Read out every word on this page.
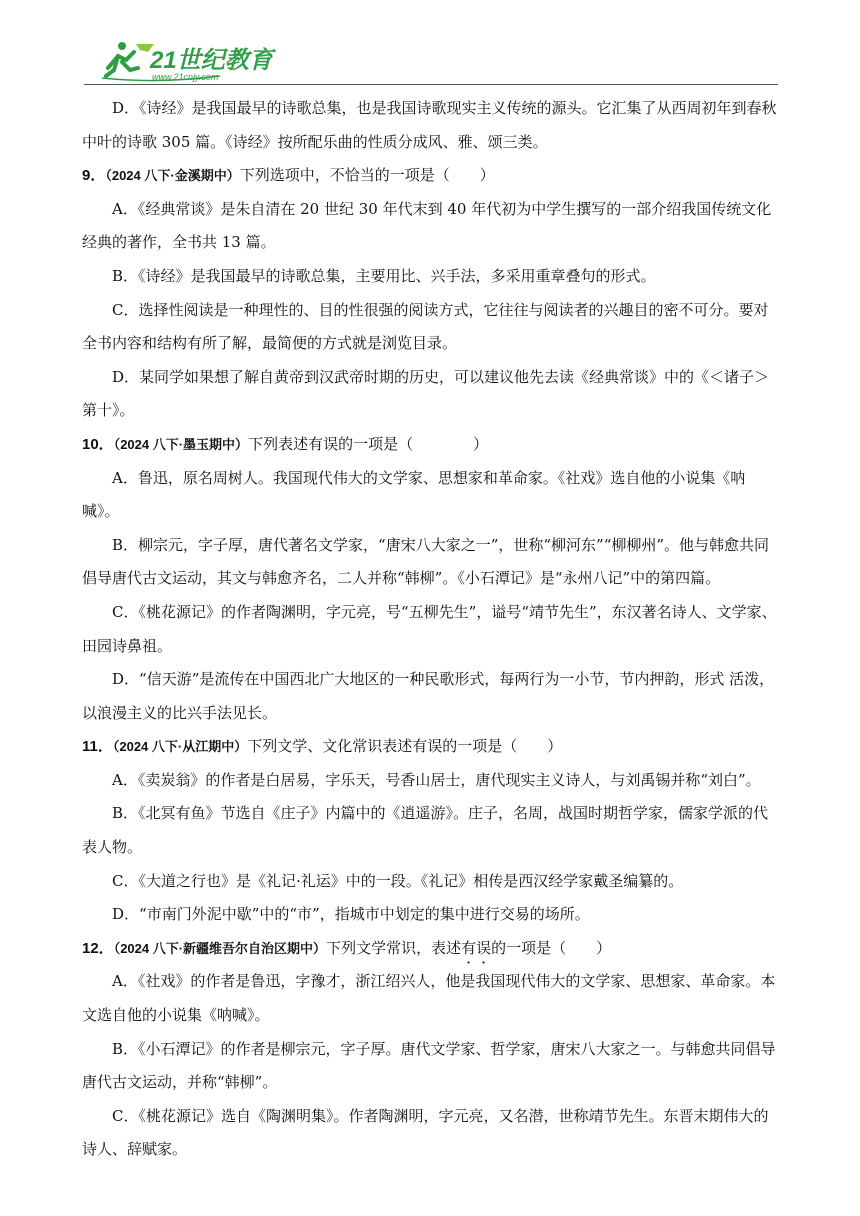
21世纪教育
www.21cnjy.com

D．《诗经》是我国最早的诗歌总集，也是我国诗歌现实主义传统的源头。它汇集了从西周初年到春秋中叶的诗歌 305 篇。《诗经》按所配乐曲的性质分成风、雅、颂三类。

9．（2024 八下·金溪期中）下列选项中，不恰当的一项是（　　）

A．《经典常谈》是朱自清在 20 世纪 30 年代末到 40 年代初为中学生撰写的一部介绍我国传统文化经典的著作，全书共 13 篇。

B．《诗经》是我国最早的诗歌总集，主要用比、兴手法，多采用重章叠句的形式。

C．选择性阅读是一种理性的、目的性很强的阅读方式，它往往与阅读者的兴趣目的密不可分。要对全书内容和结构有所了解，最简便的方式就是浏览目录。

D．某同学如果想了解自黄帝到汉武帝时期的历史，可以建议他先去读《经典常谈》中的《＜诸子＞第十》。

10．（2024 八下·墨玉期中）下列表述有误的一项是（　　　　）

A．鲁迅，原名周树人。我国现代伟大的文学家、思想家和革命家。《社戏》选自他的小说集《呐　喊》。

B．柳宗元，字子厚，唐代著名文学家，“唐宋八大家之一”，世称“柳河东”“柳柳州”。他与韩愈共同倡导唐代古文运动，其文与韩愈齐名，二人并称“韩柳”。《小石潭记》是“永州八记”中的第四篇。

C．《桃花源记》的作者陶渊明，字元亮，号“五柳先生”，谥号“靖节先生”，东汉著名诗人、文学家、田园诗鼻祖。

D．“信天游”是流传在中国西北广大地区的一种民歌形式，每两行为一小节，节内押韵，形式 活泼，以浪漫主义的比兴手法见长。

11．（2024 八下·从江期中）下列文学、文化常识表述有误的一项是（　　）

A．《卖炭翁》的作者是白居易，字乐天，号香山居士，唐代现实主义诗人，与刘禹锡并称“刘白”。

B．《北冥有鱼》节选自《庄子》内篇中的《逍遥游》。庄子，名周，战国时期哲学家，儒家学派的代表人物。

C．《大道之行也》是《礼记·礼运》中的一段。《礼记》相传是西汉经学家戴圣编纂的。

D．“市南门外泥中歇”中的“市”，指城市中划定的集中进行交易的场所。

12．（2024 八下·新疆维吾尔自治区期中）下列文学常识，表述有误的一项是（　　）

A．《社戏》的作者是鲁迅，字豫才，浙江绍兴人，他是我国现代伟大的文学家、思想家、革命家。本文选自他的小说集《呐喊》。

B．《小石潭记》的作者是柳宗元，字子厚。唐代文学家、哲学家，唐宋八大家之一。与韩愈共同倡导唐代古文运动，并称“韩柳”。

C．《桃花源记》选自《陶渊明集》。作者陶渊明，字元亮，又名潜，世称靖节先生。东晋末期伟大的诗人、辞赋家。
